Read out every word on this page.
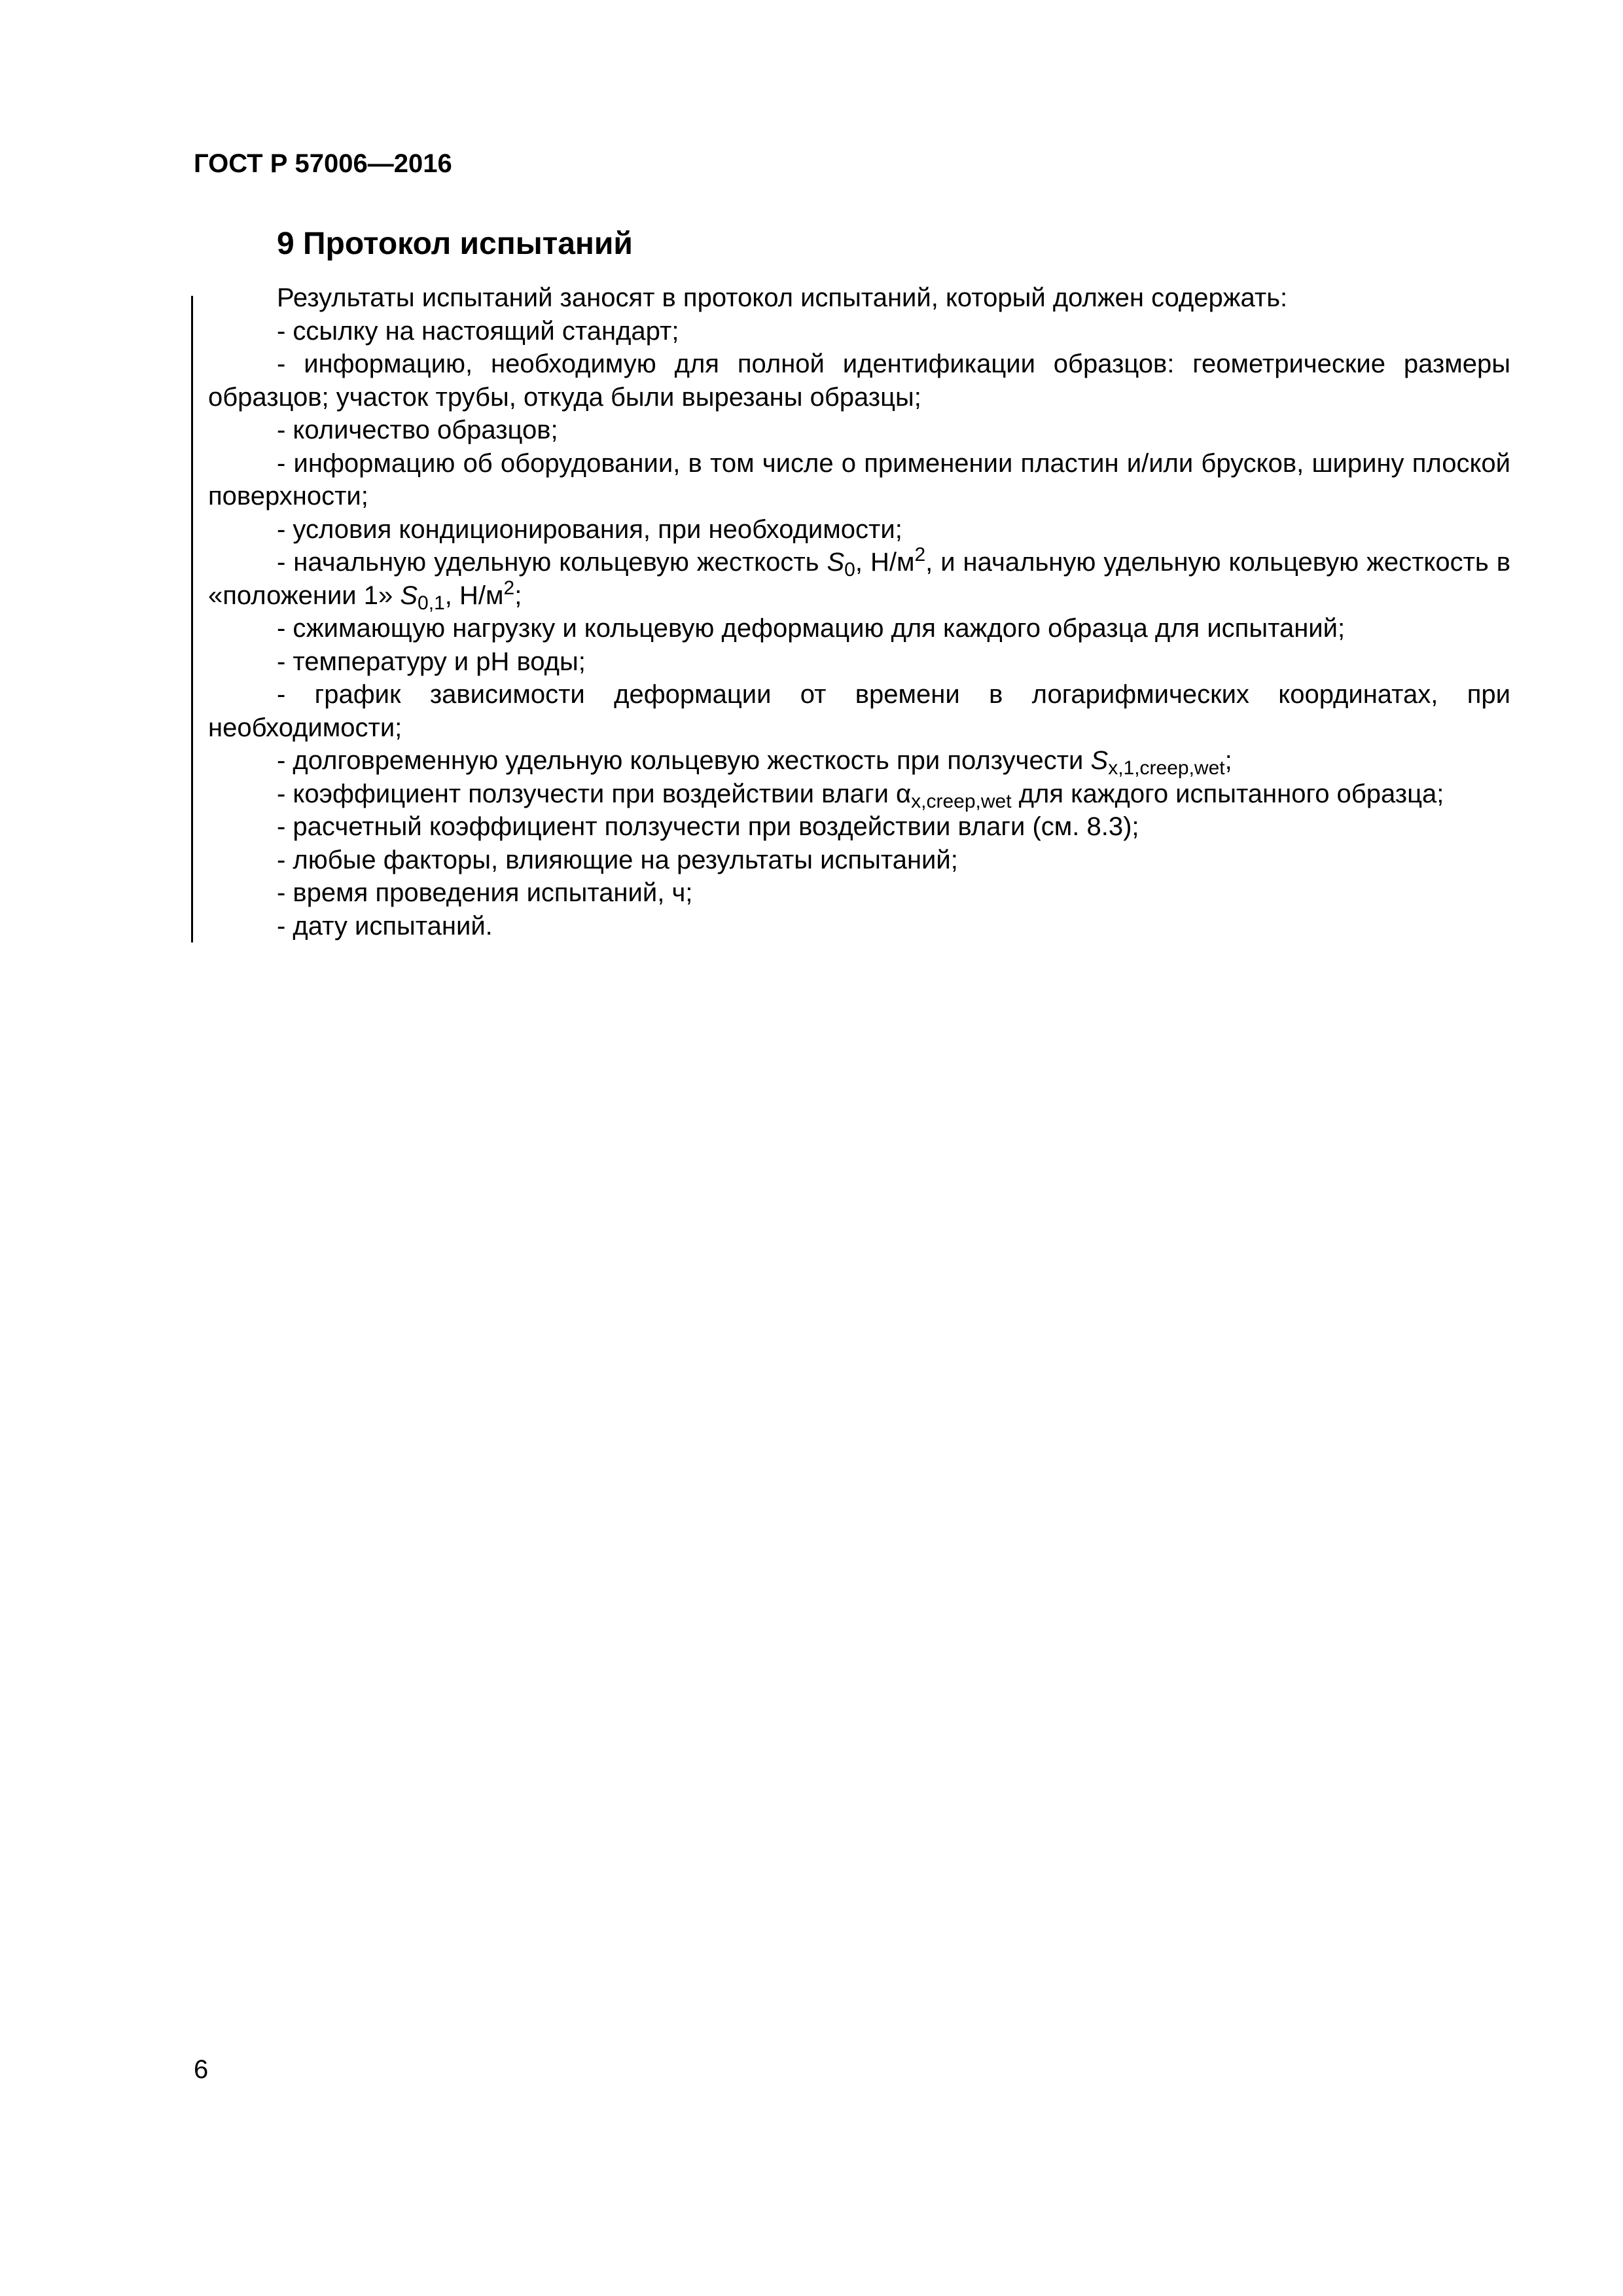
ГОСТ Р 57006—2016
9 Протокол испытаний

Результаты испытаний заносят в протокол испытаний, который должен содержать:

- ссылку на настоящий стандарт;

- информацию, необходимую для полной идентификации образцов: геометрические размеры образцов; участок трубы, откуда были вырезаны образцы;

- количество образцов;

- информацию об оборудовании, в том числе о применении пластин и/или брусков, ширину плоской поверхности;

- условия кондиционирования, при необходимости;

- начальную удельную кольцевую жесткость $S_0$, $Н/м^2$, и начальную удельную кольцевую жесткость в «положении 1» $S_{0,1}$, $Н/м^2$;

- сжимающую нагрузку и кольцевую деформацию для каждого образца для испытаний;

- температуру и pH воды;

- график зависимости деформации от времени в логарифмических координатах, при необходимости;

- долговременную удельную кольцевую жесткость при ползучести $S_{x,1,creep,wet}$;

- коэффициент ползучести при воздействии влаги $\alpha_{x,creep,wet}$ для каждого испытанного образца;

- расчетный коэффициент ползучести при воздействии влаги (см. 8.3);

- любые факторы, влияющие на результаты испытаний;

- время проведения испытаний, ч;

- дату испытаний.

6
